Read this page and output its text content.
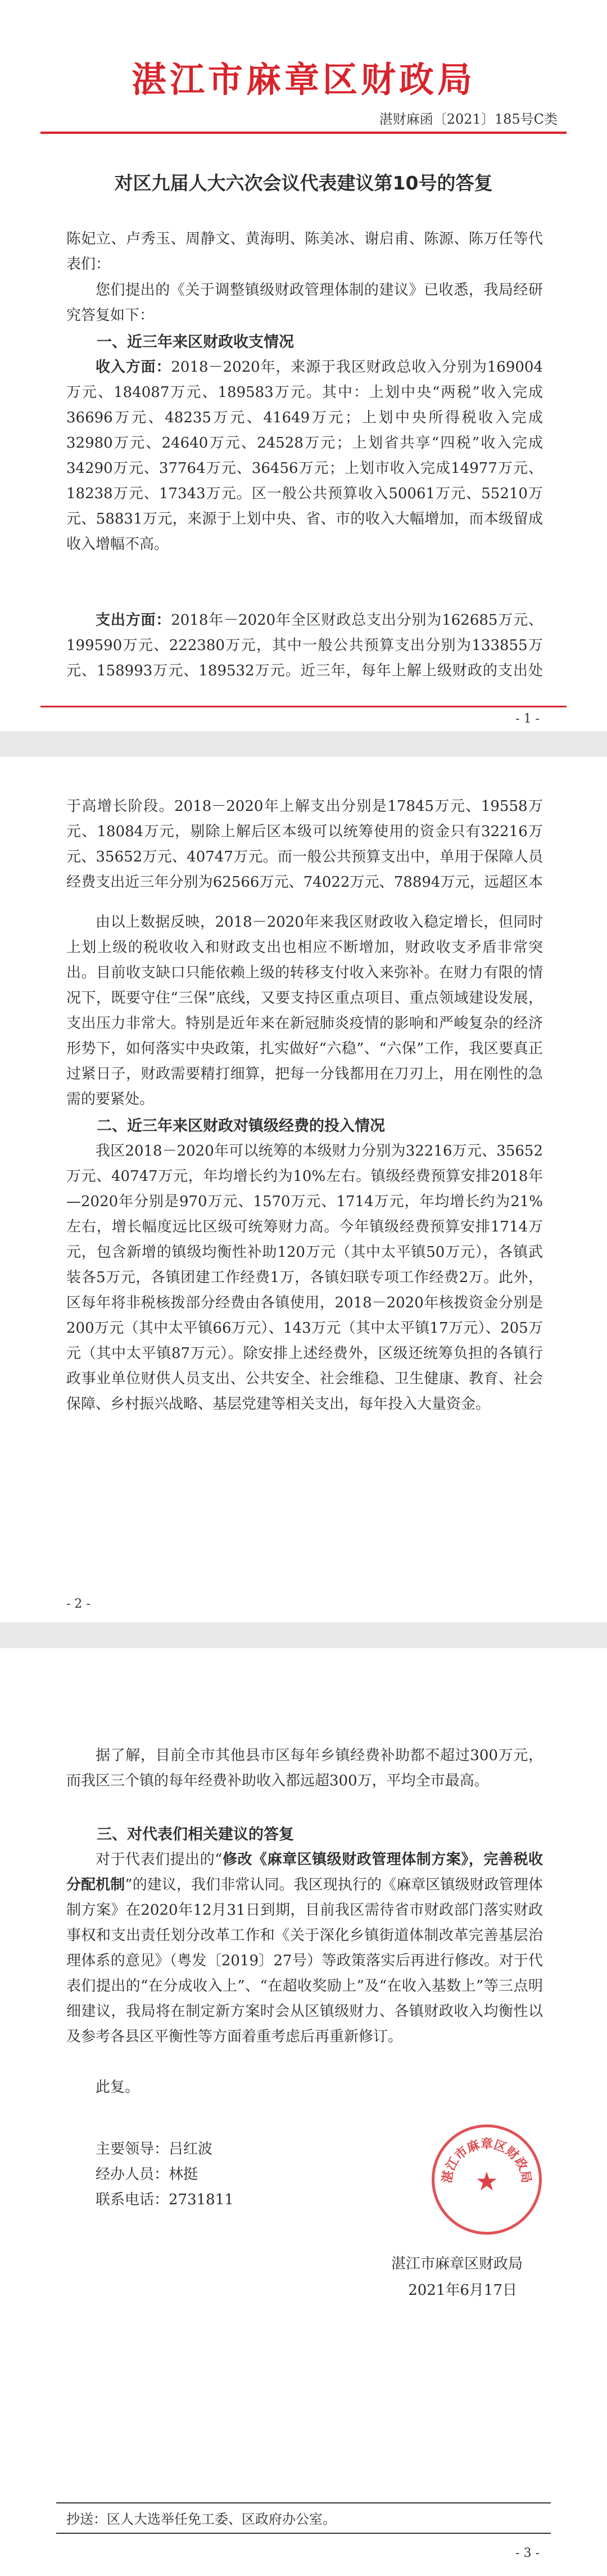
湛江市麻章区财政局
湛财麻函〔2021〕185号C类
对区九届人大六次会议代表建议第10号的答复

陈妃立、卢秀玉、周静文、黄海明、陈美冰、谢启甫、陈源、陈万任等代表们：

您们提出的《关于调整镇级财政管理体制的建议》已收悉，我局经研究答复如下：

一、近三年来区财政收支情况

收入方面：2018－2020年，来源于我区财政总收入分别为169004万元、184087万元、189583万元。其中：上划中央“两税”收入完成36696万元、48235万元、41649万元；上划中央所得税收入完成32980万元、24640万元、24528万元；上划省共享“四税”收入完成34290万元、37764万元、36456万元；上划市收入完成14977万元、18238万元、17343万元。区一般公共预算收入50061万元、55210万元、58831万元，来源于上划中央、省、市的收入大幅增加，而本级留成收入增幅不高。

支出方面：2018年－2020年全区财政总支出分别为162685万元、199590万元、222380万元，其中一般公共预算支出分别为133855万元、158993万元、189532万元。近三年，每年上解上级财政的支出处

- 1 -

于高增长阶段。2018－2020年上解支出分别是17845万元、19558万元、18084万元，剔除上解后区本级可以统筹使用的资金只有32216万元、35652万元、40747万元。而一般公共预算支出中，单用于保障人员经费支出近三年分别为62566万元、74022万元、78894万元，远超区本

由以上数据反映，2018－2020年来我区财政收入稳定增长，但同时上划上级的税收收入和财政支出也相应不断增加，财政收支矛盾非常突出。目前收支缺口只能依赖上级的转移支付收入来弥补。在财力有限的情况下，既要守住“三保”底线，又要支持区重点项目、重点领域建设发展，支出压力非常大。特别是近年来在新冠肺炎疫情的影响和严峻复杂的经济形势下，如何落实中央政策，扎实做好“六稳”、“六保”工作，我区要真正过紧日子，财政需要精打细算，把每一分钱都用在刀刃上，用在刚性的急需的要紧处。

二、近三年来区财政对镇级经费的投入情况

我区2018－2020年可以统筹的本级财力分别为32216万元、35652万元、40747万元，年均增长约为10%左右。镇级经费预算安排2018年—2020年分别是970万元、1570万元、1714万元，年均增长约为21%左右，增长幅度远比区级可统筹财力高。今年镇级经费预算安排1714万元，包含新增的镇级均衡性补助120万元（其中太平镇50万元），各镇武装各5万元，各镇团建工作经费1万，各镇妇联专项工作经费2万。此外，区每年将非税核拨部分经费由各镇使用，2018－2020年核拨资金分别是200万元（其中太平镇66万元）、143万元（其中太平镇17万元）、205万元（其中太平镇87万元）。除安排上述经费外，区级还统筹负担的各镇行政事业单位财供人员支出、公共安全、社会维稳、卫生健康、教育、社会保障、乡村振兴战略、基层党建等相关支出，每年投入大量资金。

- 2 -

据了解，目前全市其他县市区每年乡镇经费补助都不超过300万元，而我区三个镇的每年经费补助收入都远超300万，平均全市最高。

三、对代表们相关建议的答复

对于代表们提出的“修改《麻章区镇级财政管理体制方案》，完善税收分配机制”的建议，我们非常认同。我区现执行的《麻章区镇级财政管理体制方案》在2020年12月31日到期，目前我区需待省市财政部门落实财政事权和支出责任划分改革工作和《关于深化乡镇街道体制改革完善基层治理体系的意见》（粤发〔2019〕27号）等政策落实后再进行修改。对于代表们提出的“在分成收入上”、“在超收奖励上”及“在收入基数上”等三点明细建议，我局将在制定新方案时会从区镇级财力、各镇财政收入均衡性以及参考各县区平衡性等方面着重考虑后再重新修订。

此复。

主要领导：吕红波

经办人员：林挺

联系电话：2731811

湛江市麻章区财政局
★
湛江市麻章区财政局
2021年6月17日
抄送：区人大选举任免工委、区政府办公室。
- 3 -
